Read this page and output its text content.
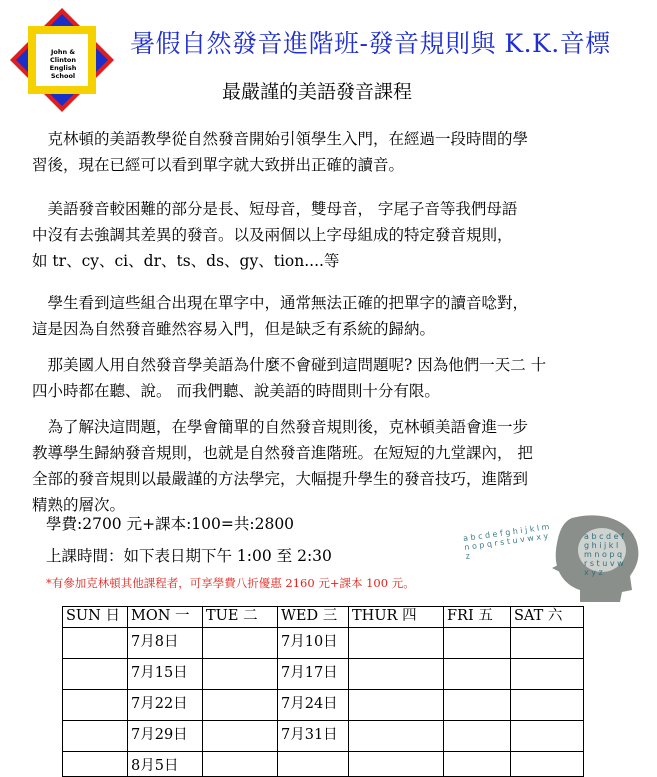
John & Clinton
English School
暑假自然發音進階班-發音規則與 K.K.音標
最嚴謹的美語發音課程
克林頓的美語教學從自然發音開始引領學生入門，在經過一段時間的學
習後，現在已經可以看到單字就大致拼出正確的讀音。
美語發音較困難的部分是長、短母音，雙母音， 字尾子音等我們母語
中沒有去強調其差異的發音。以及兩個以上字母組成的特定發音規則，
如 tr、cy、ci、dr、ts、ds、gy、tion....等
學生看到這些組合出現在單字中，通常無法正確的把單字的讀音唸對，
這是因為自然發音雖然容易入門，但是缺乏有系統的歸納。
那美國人用自然發音學美語為什麼不會碰到這問題呢? 因為他們一天二 十
四小時都在聽、說。 而我們聽、說美語的時間則十分有限。
為了解決這問題，在學會簡單的自然發音規則後，克林頓美語會進一步
教導學生歸納發音規則，也就是自然發音進階班。在短短的九堂課內， 把
全部的發音規則以最嚴謹的方法學完，大幅提升學生的發音技巧，進階到
精熟的層次。
學費:2700 元+課本:100=共:2800
上課時間：如下表日期下午 1:00 至 2:30
*有參加克林頓其他課程者，可享學費八折優惠 2160 元+課本 100 元。
a b c d e f g h i j k l m n o p q r s t u v w x y z
a b c d e f g h i j k l m n o p q r s t u v w x y z
SUN 日	MON 一	TUE 二	WED 三	THUR 四	FRI 五	SAT 六
	7月8日		7月10日			
	7月15日		7月17日			
	7月22日		7月24日			
	7月29日		7月31日			
	8月5日					
